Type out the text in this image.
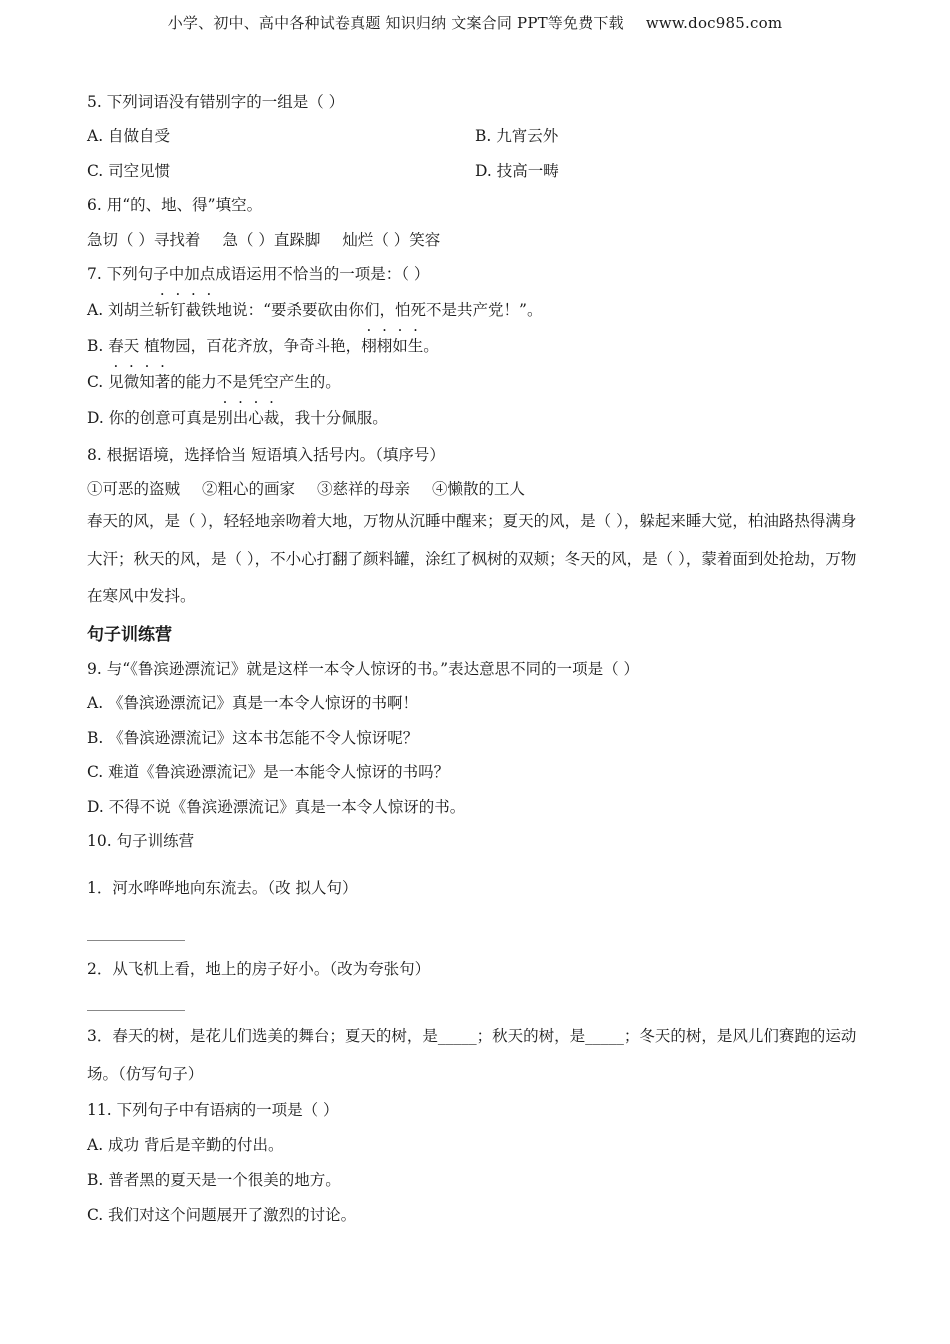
小学、初中、高中各种试卷真题 知识归纳 文案合同 PPT等免费下载 www.doc985.com
5. 下列词语没有错别字的一组是（ ）
A. 自做自受	B. 九宵云外
C. 司空见惯	D. 技高一畴
6. 用“的、地、得”填空。
急切（ ）寻找着 急（ ）直跺脚 灿烂（ ）笑容
7. 下列句子中加点成语运用不恰当的一项是：（ ）
A. 刘胡兰斩钉截铁地说：“要杀要砍由你们，怕死不是共产党！”。
B. 春天 植物园，百花齐放，争奇斗艳，栩栩如生。
C. 见微知著的能力不是凭空产生的。
D. 你的创意可真是别出心裁，我十分佩服。
8. 根据语境，选择恰当 短语填入括号内。（填序号）
①可恶的盗贼 ②粗心的画家 ③慈祥的母亲 ④懒散的工人
春天的风，是（ ），轻轻地亲吻着大地，万物从沉睡中醒来；夏天的风，是（ ），躲起来睡大觉，柏油路热得满身大汗；秋天的风，是（ ），不小心打翻了颜料罐，涂红了枫树的双颊；冬天的风，是（ ），蒙着面到处抢劫，万物在寒风中发抖。
句子训练营
9. 与“《鲁滨逊漂流记》就是这样一本令人惊讶的书。”表达意思不同的一项是（ ）
A. 《鲁滨逊漂流记》真是一本令人惊讶的书啊！
B. 《鲁滨逊漂流记》这本书怎能不令人惊讶呢？
C. 难道《鲁滨逊漂流记》是一本能令人惊讶的书吗？
D. 不得不说《鲁滨逊漂流记》真是一本令人惊讶的书。
10. 句子训练营
1．河水哗哗地向东流去。（改 拟人句）
2．从飞机上看，地上的房子好小。（改为夸张句）
3．春天的树，是花儿们选美的舞台；夏天的树，是_____；秋天的树，是_____；冬天的树，是风儿们赛跑的运动场。（仿写句子）
11. 下列句子中有语病的一项是（ ）
A. 成功 背后是辛勤的付出。
B. 普者黑的夏天是一个很美的地方。
C. 我们对这个问题展开了激烈的讨论。
